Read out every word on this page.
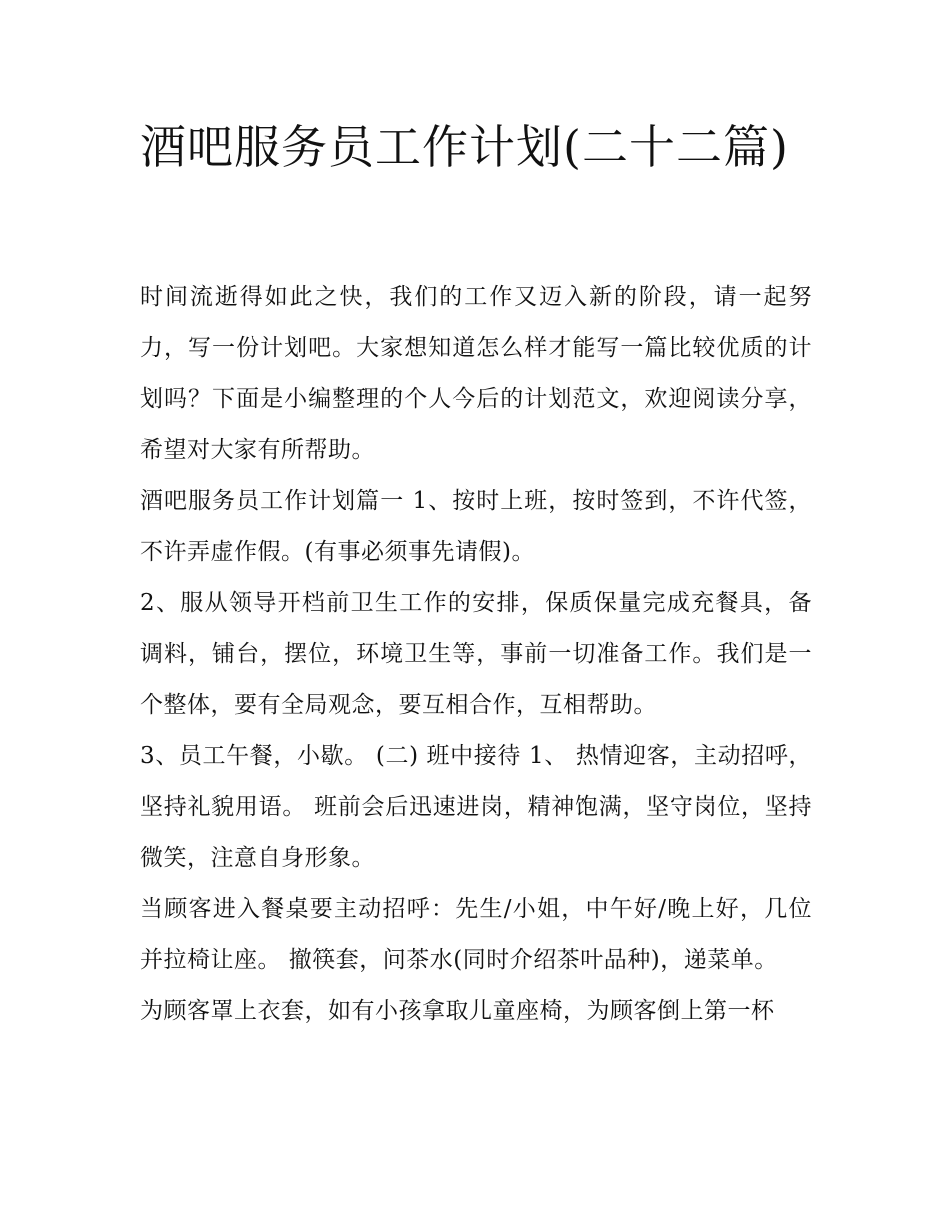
酒吧服务员工作计划(二十二篇)

时间流逝得如此之快，我们的工作又迈入新的阶段，请一起努力，写一份计划吧。大家想知道怎么样才能写一篇比较优质的计划吗？下面是小编整理的个人今后的计划范文，欢迎阅读分享，希望对大家有所帮助。

酒吧服务员工作计划篇一 1、按时上班，按时签到，不许代签，不许弄虚作假。(有事必须事先请假)。

2、服从领导开档前卫生工作的安排，保质保量完成充餐具，备调料，铺台，摆位，环境卫生等，事前一切准备工作。我们是一个整体，要有全局观念，要互相合作，互相帮助。

3、员工午餐，小歇。 (二) 班中接待 1、 热情迎客，主动招呼，坚持礼貌用语。 班前会后迅速进岗，精神饱满，坚守岗位，坚持微笑，注意自身形象。

当顾客进入餐桌要主动招呼：先生/小姐，中午好/晚上好，几位并拉椅让座。 撤筷套，问茶水(同时介绍茶叶品种)，递菜单。

为顾客罩上衣套，如有小孩拿取儿童座椅，为顾客倒上第一杯
